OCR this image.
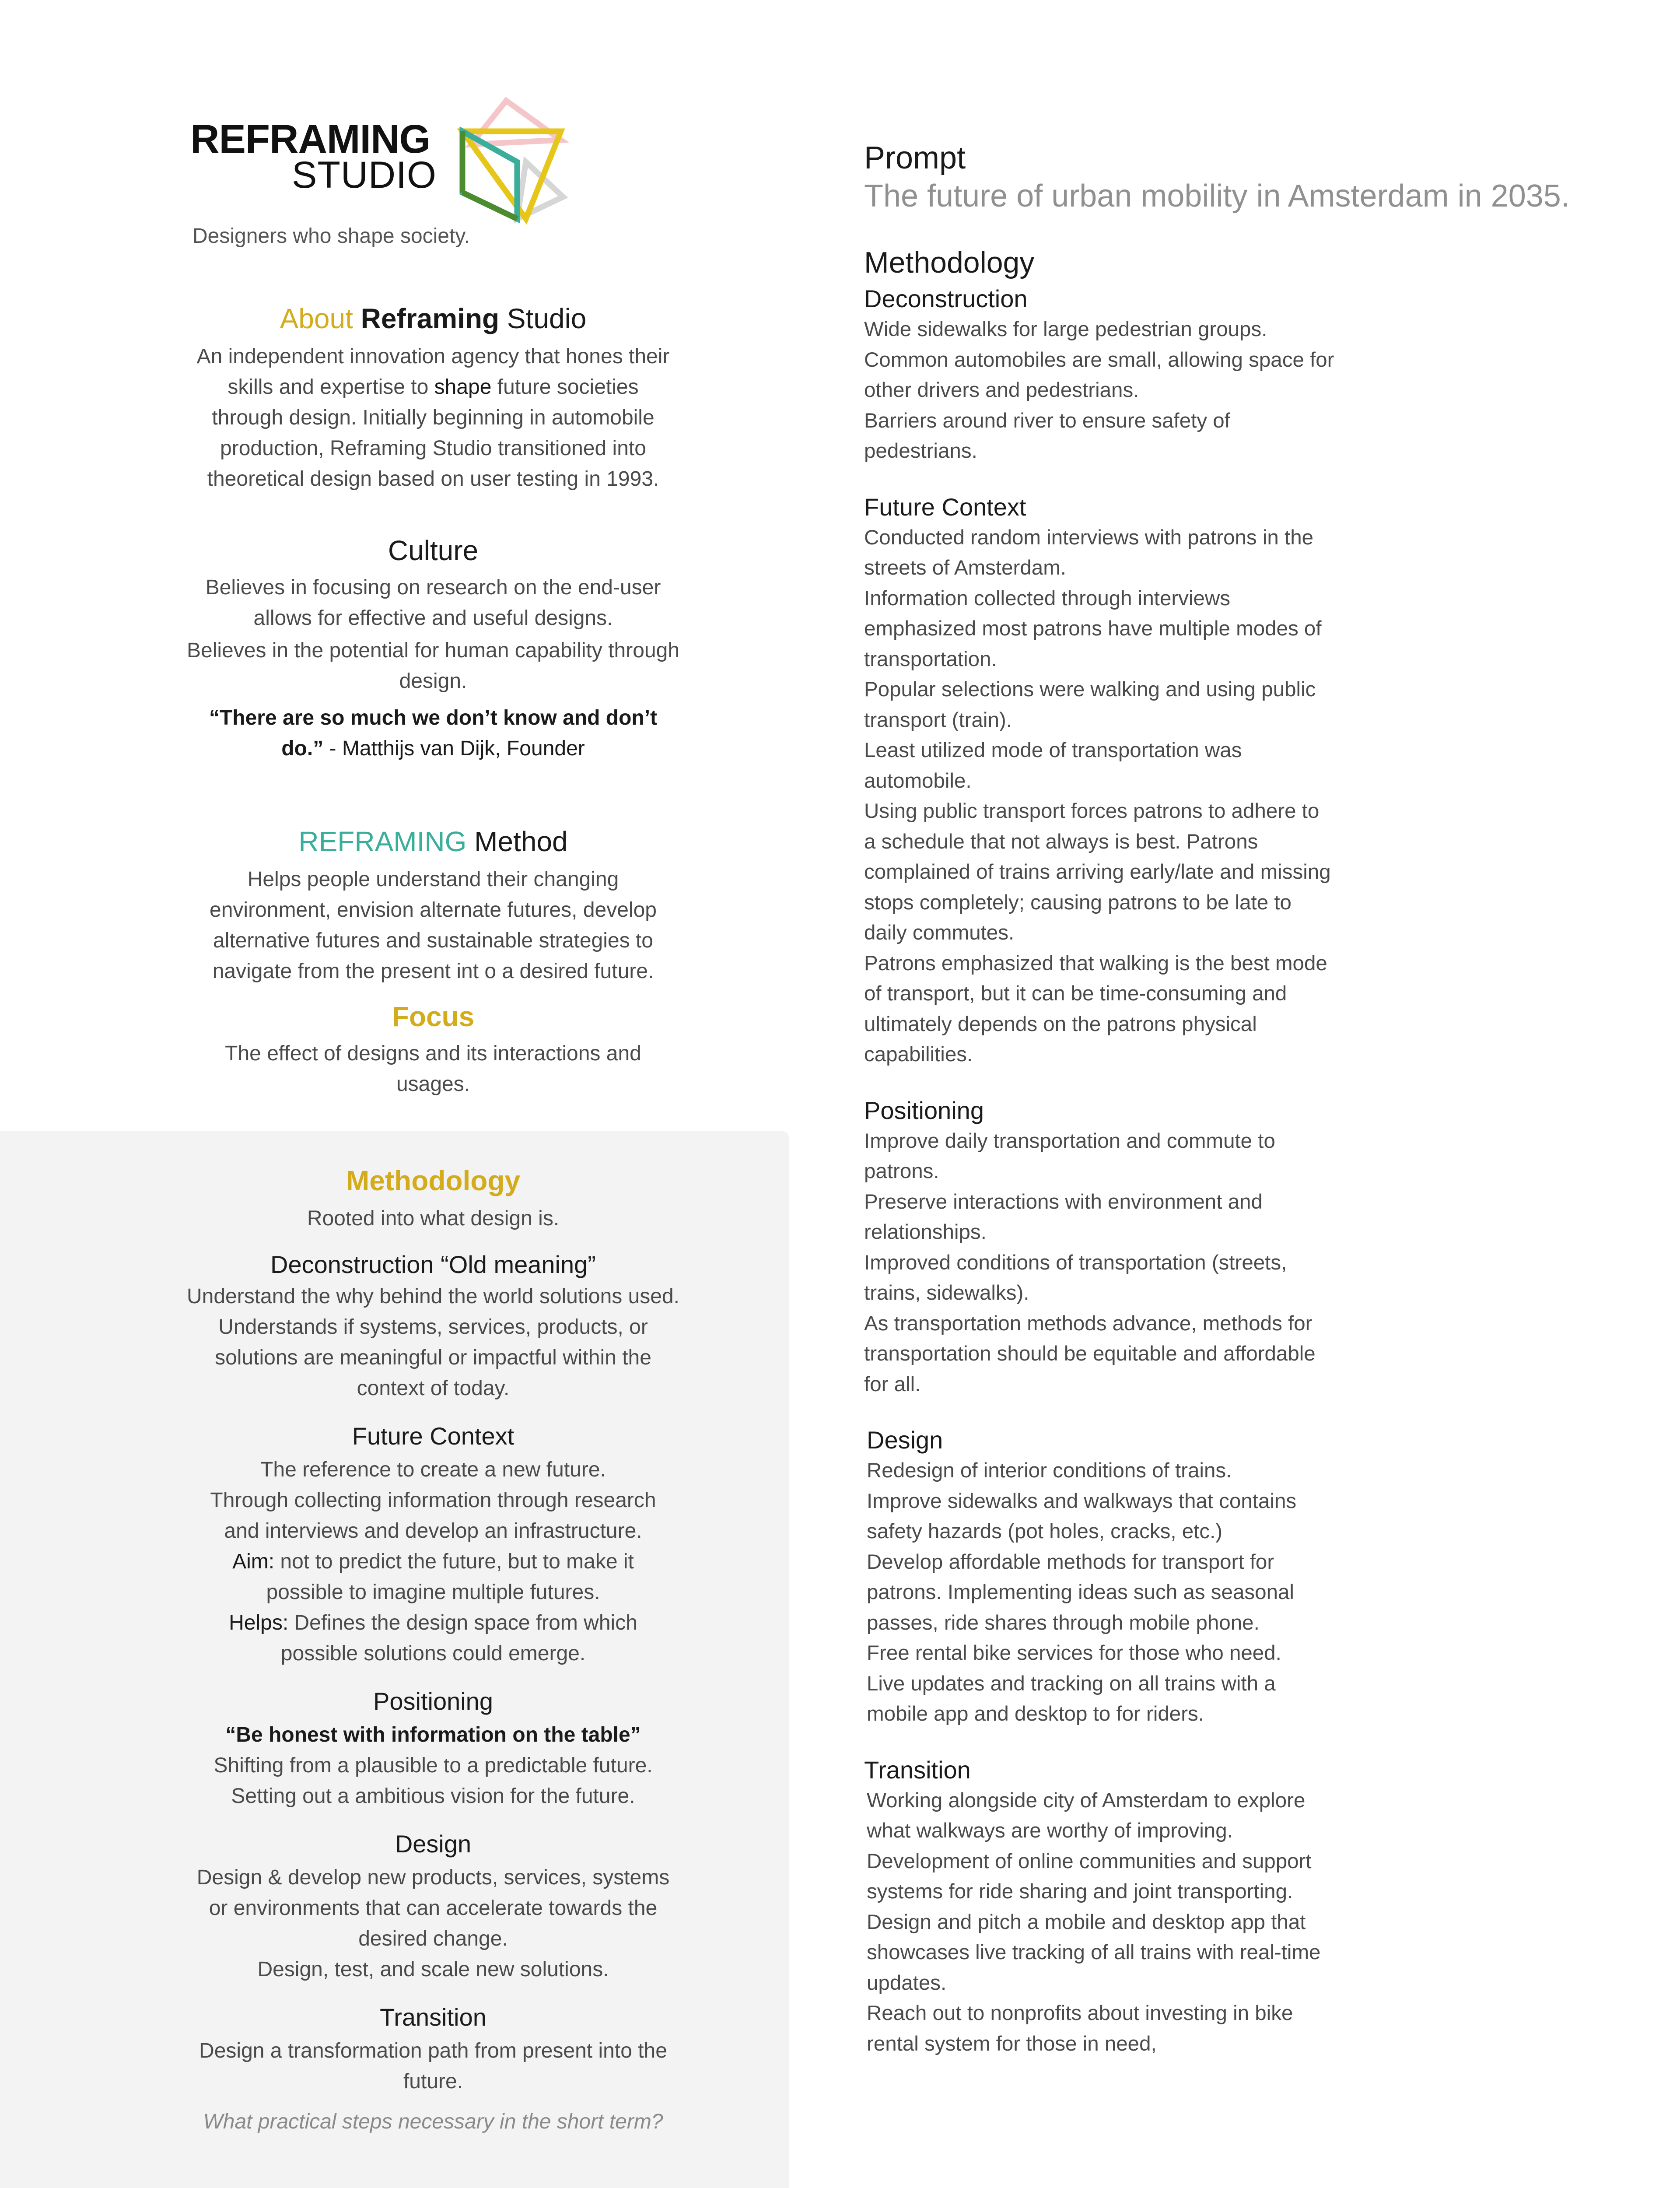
REFRAMING
STUDIO
Designers who shape society.
About Reframing Studio

An independent innovation agency that hones their

skills and expertise to shape future societies

through design. Initially beginning in automobile

production, Reframing Studio transitioned into

theoretical design based on user testing in 1993.

Culture

Believes in focusing on research on the end-user

allows for effective and useful designs.

Believes in the potential for human capability through

design.

“There are so much we don’t know and don’t

do.” - Matthijs van Dijk, Founder

REFRAMING Method

Helps people understand their changing

environment, envision alternate futures, develop

alternative futures and sustainable strategies to

navigate from the present int o a desired future.

Focus

The effect of designs and its interactions and

usages.

Methodology

Rooted into what design is.

Deconstruction “Old meaning”

Understand the why behind the world solutions used.

Understands if systems, services, products, or

solutions are meaningful or impactful within the

context of today.

Future Context

The reference to create a new future.

Through collecting information through research

and interviews and develop an infrastructure.

Aim: not to predict the future, but to make it

possible to imagine multiple futures.

Helps: Defines the design space from which

possible solutions could emerge.

Positioning

“Be honest with information on the table”

Shifting from a plausible to a predictable future.

Setting out a ambitious vision for the future.

Design

Design & develop new products, services, systems

or environments that can accelerate towards the

desired change.

Design, test, and scale new solutions.

Transition

Design a transformation path from present into the

future.

What practical steps necessary in the short term?

Prompt

The future of urban mobility in Amsterdam in 2035.

Methodology
Deconstruction

Wide sidewalks for large pedestrian groups.

Common automobiles are small, allowing space for

other drivers and pedestrians.

Barriers around river to ensure safety of

pedestrians.

Future Context

Conducted random interviews with patrons in the

streets of Amsterdam.

Information collected through interviews

emphasized most patrons have multiple modes of

transportation.

Popular selections were walking and using public

transport (train).

Least utilized mode of transportation was

automobile.

Using public transport forces patrons to adhere to

a schedule that not always is best. Patrons

complained of trains arriving early/late and missing

stops completely; causing patrons to be late to

daily commutes.

Patrons emphasized that walking is the best mode

of transport, but it can be time-consuming and

ultimately depends on the patrons physical

capabilities.

Positioning

Improve daily transportation and commute to

patrons.

Preserve interactions with environment and

relationships.

Improved conditions of transportation (streets,

trains, sidewalks).

As transportation methods advance, methods for

transportation should be equitable and affordable

for all.

Design

Redesign of interior conditions of trains.

Improve sidewalks and walkways that contains

safety hazards (pot holes, cracks, etc.)

Develop affordable methods for transport for

patrons. Implementing ideas such as seasonal

passes, ride shares through mobile phone.

Free rental bike services for those who need.

Live updates and tracking on all trains with a

mobile app and desktop to for riders.

Transition

Working alongside city of Amsterdam to explore

what walkways are worthy of improving.

Development of online communities and support

systems for ride sharing and joint transporting.

Design and pitch a mobile and desktop app that

showcases live tracking of all trains with real-time

updates.

Reach out to nonprofits about investing in bike

rental system for those in need,
